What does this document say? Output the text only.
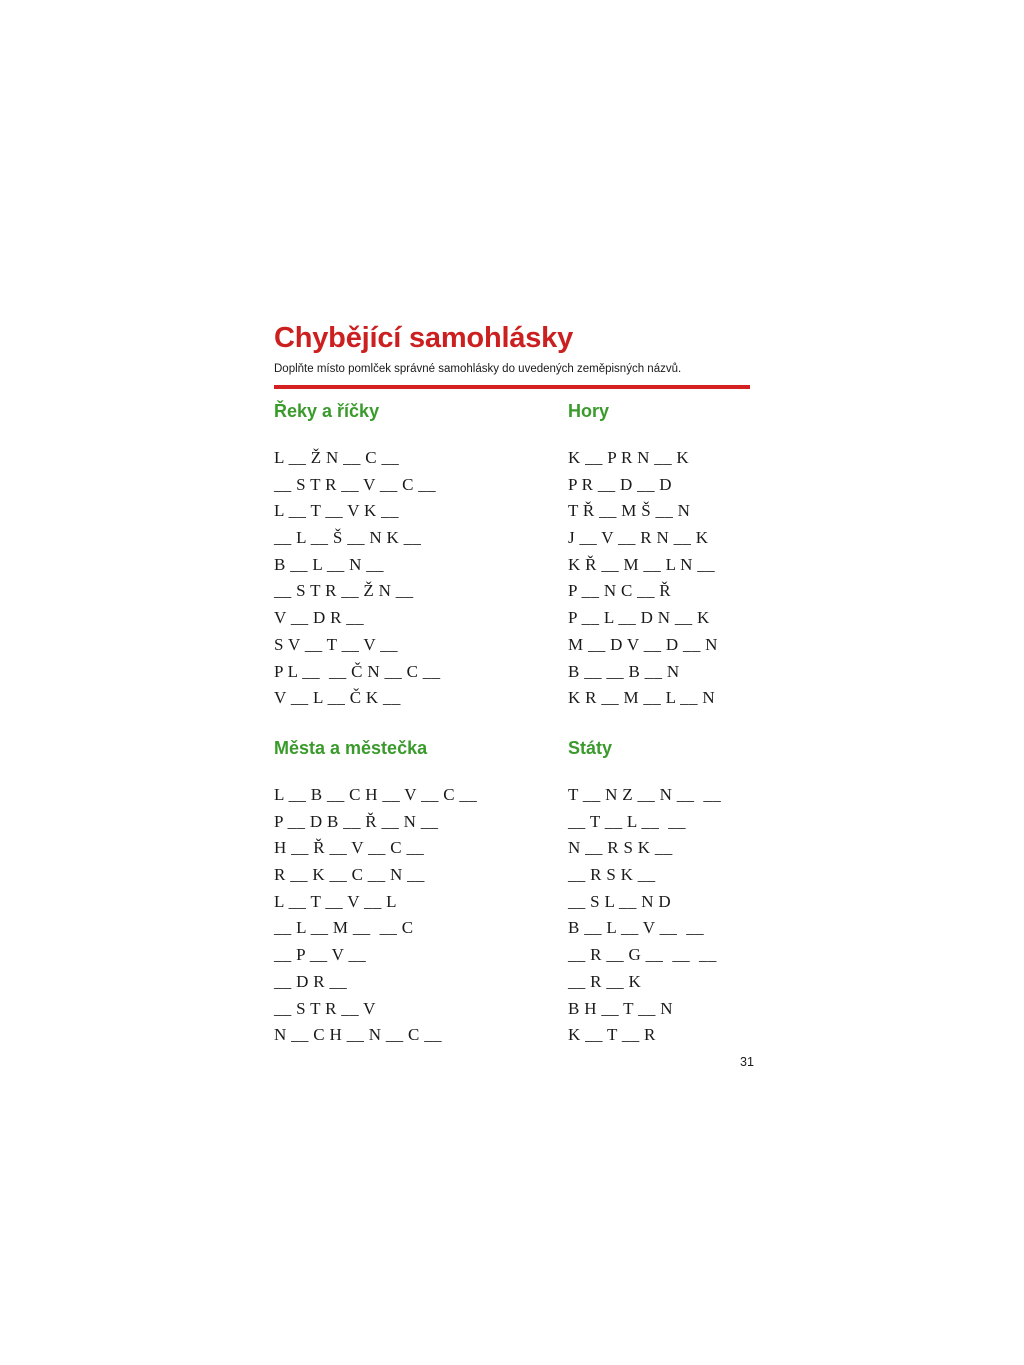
Chybějící samohlásky

Doplňte místo pomlček správné samohlásky do uvedených zeměpisných názvů.

Řeky a říčky
L __ Ž N __ C __
__ S T R __ V __ C __
L __ T __ V K __
__ L __ Š __ N K __
B __ L __ N __
__ S T R __ Ž N __
V __ D R __
S V __ T __ V __
P L __  __ Č N __ C __
V __ L __ Č K __
Hory
K __ P R N __ K
P R __ D __ D
T Ř __ M Š __ N
J __ V __ R N __ K
K Ř __ M __ L N __
P __ N C __ Ř
P __ L __ D N __ K
M __ D V __ D __ N
B __ __ B __ N
K R __ M __ L __ N
Města a městečka
L __ B __ C H __ V __ C __
P __ D B __ Ř __ N __
H __ Ř __ V __ C __
R __ K __ C __ N __
L __ T __ V __ L
__ L __ M __  __ C
__ P __ V __
__ D R __
__ S T R __ V
N __ C H __ N __ C __
Státy
T __ N Z __ N __  __
__ T __ L __  __
N __ R S K __
__ R S K __
__ S L __ N D
B __ L __ V __  __
__ R __ G __  __  __
__ R __ K
B H __ T __ N
K __ T __ R
31
